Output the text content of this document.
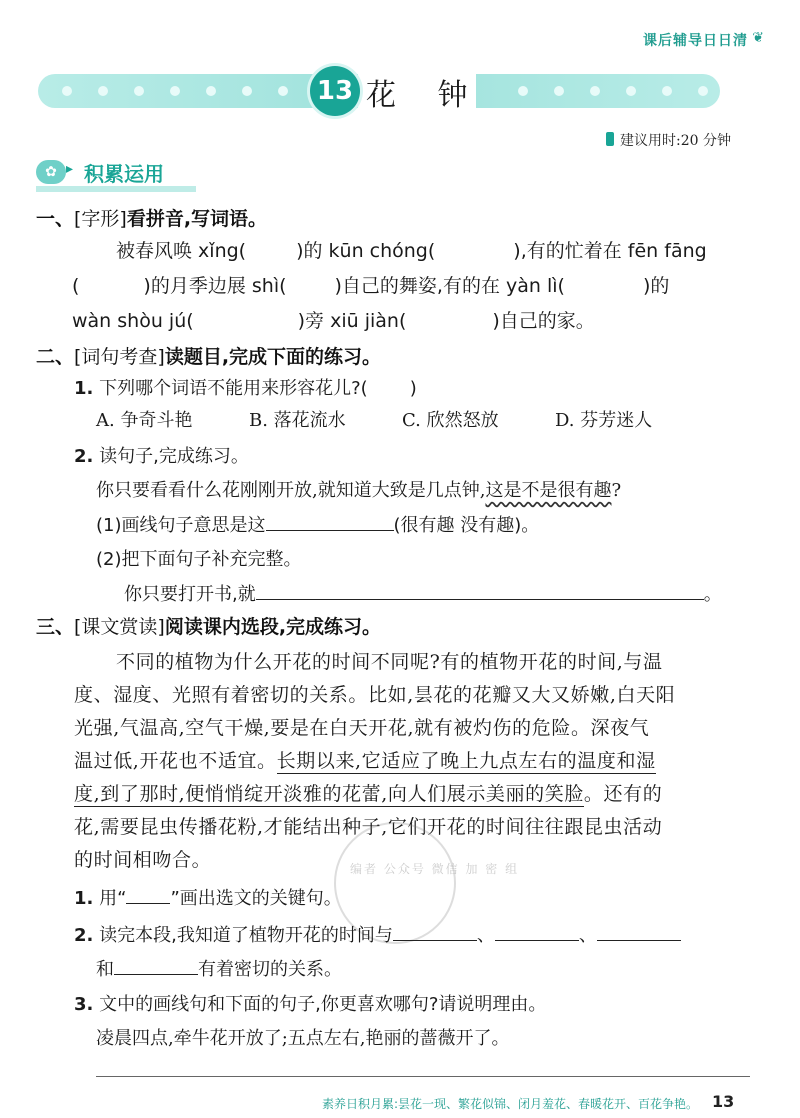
课后辅导日日清 ❦
13 花 钟
建议用时:20 分钟
✿ ▸ 积累运用
一、[字形]看拼音,写词语。
被春风唤 xǐng(	)的 kūn chóng(	),有的忙着在 fēn fāng
(	)的月季边展 shì(	)自己的舞姿,有的在 yàn lì(	)的
wàn shòu jú(	)旁 xiū jiàn(	)自己的家。
二、[词句考查]读题目,完成下面的练习。
1. 下列哪个词语不能用来形容花儿?( )
A. 争奇斗艳	B. 落花流水	C. 欣然怒放	D. 芬芳迷人
2. 读句子,完成练习。
你只要看看什么花刚刚开放,就知道大致是几点钟,这是不是很有趣?
(1)画线句子意思是这	(很有趣 没有趣)。
(2)把下面句子补充完整。
你只要打开书,就	。
三、[课文赏读]阅读课内选段,完成练习。
不同的植物为什么开花的时间不同呢?有的植物开花的时间,与温
度、湿度、光照有着密切的关系。比如,昙花的花瓣又大又娇嫩,白天阳
光强,气温高,空气干燥,要是在白天开花,就有被灼伤的危险。深夜气
温过低,开花也不适宜。长期以来,它适应了晚上九点左右的温度和湿
度,到了那时,便悄悄绽开淡雅的花蕾,向人们展示美丽的笑脸。还有的
花,需要昆虫传播花粉,才能结出种子,它们开花的时间往往跟昆虫活动
的时间相吻合。	编者 公众号 微信 加 密 组
1. 用“ ”画出选文的关键句。
2. 读完本段,我知道了植物开花的时间与	、	、
和	有着密切的关系。
3. 文中的画线句和下面的句子,你更喜欢哪句?请说明理由。
凌晨四点,牵牛花开放了;五点左右,艳丽的蔷薇开了。
素养日积月累:昙花一现、繁花似锦、闭月羞花、春暖花开、百花争艳。 13
